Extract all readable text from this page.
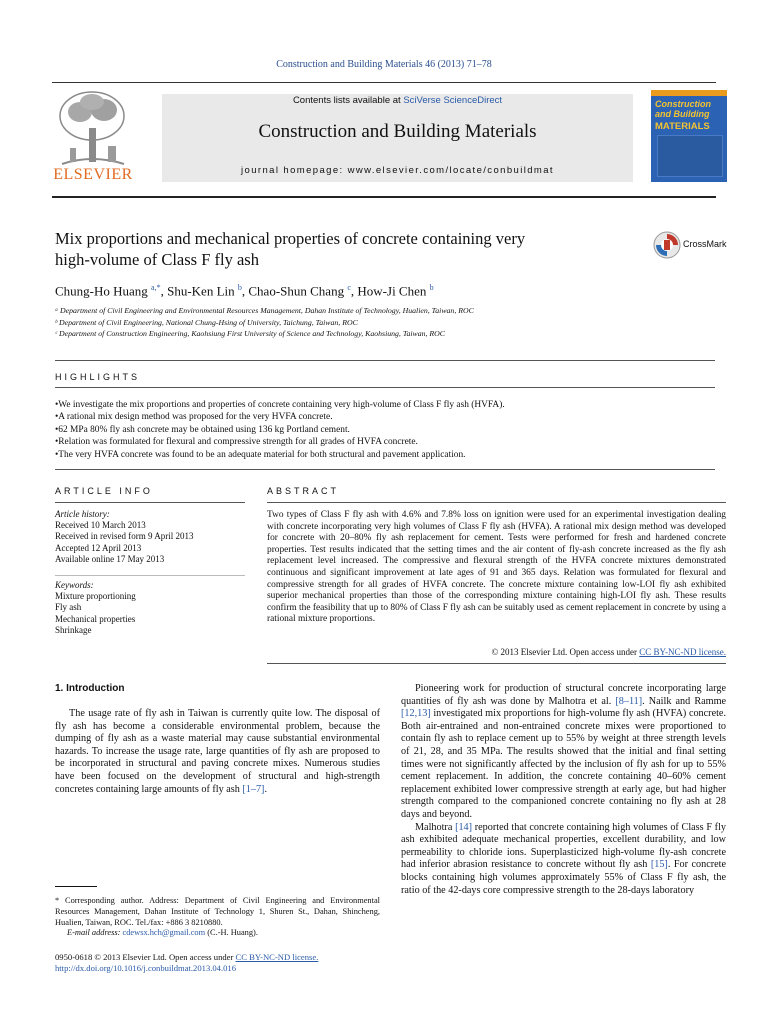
Construction and Building Materials 46 (2013) 71–78
ELSEVIER
Contents lists available at SciVerse ScienceDirect
Construction and Building Materials
journal homepage: www.elsevier.com/locate/conbuildmat
Construction and Building
MATERIALS
Mix proportions and mechanical properties of concrete containing very
high-volume of Class F fly ash
CrossMark
Chung-Ho Huang $^{a,*}$, Shu-Ken Lin $^b$, Chao-Shun Chang $^c$, How-Ji Chen $^b$
ᵃ Department of Civil Engineering and Environmental Resources Management, Dahan Institute of Technology, Hualien, Taiwan, ROC
ᵇ Department of Civil Engineering, National Chung-Hsing of University, Taichung, Taiwan, ROC
ᶜ Department of Construction Engineering, Kaohsiung First University of Science and Technology, Kaohsiung, Taiwan, ROC
HIGHLIGHTS
• We investigate the mix proportions and properties of concrete containing very high-volume of Class F fly ash (HVFA).
• A rational mix design method was proposed for the very HVFA concrete.
• 62 MPa 80% fly ash concrete may be obtained using 136 kg Portland cement.
• Relation was formulated for flexural and compressive strength for all grades of HVFA concrete.
• The very HVFA concrete was found to be an adequate material for both structural and pavement application.
ARTICLE INFO
Article history:
Received 10 March 2013
Received in revised form 9 April 2013
Accepted 12 April 2013
Available online 17 May 2013
Keywords:
Mixture proportioning
Fly ash
Mechanical properties
Shrinkage
ABSTRACT
Two types of Class F fly ash with 4.6% and 7.8% loss on ignition were used for an experimental investigation dealing with concrete incorporating very high volumes of Class F fly ash (HVFA). A rational mix design method was developed for concrete with 20–80% fly ash replacement for cement. Tests were performed for fresh and hardened concrete properties. Test results indicated that the setting times and the air content of fly-ash concrete increased as the fly ash replacement level increased. The compressive and flexural strength of the HVFA concrete mixtures demonstrated continuous and significant improvement at late ages of 91 and 365 days. Relation was formulated for flexural and compressive strength for all grades of HVFA concrete. The concrete mixture containing low-LOI fly ash exhibited superior mechanical properties than those of the corresponding mixture containing high-LOI fly ash. These results confirm the feasibility that up to 80% of Class F fly ash can be suitably used as cement replacement in concrete by using a rational mixture proportions.
© 2013 Elsevier Ltd. Open access under CC BY-NC-ND license.
1. Introduction

The usage rate of fly ash in Taiwan is currently quite low. The disposal of fly ash has become a considerable environmental problem, because the dumping of fly ash as a waste material may cause substantial environmental hazards. To increase the usage rate, large quantities of fly ash are proposed to be incorporated in structural and paving concrete mixes. Numerous studies have been focused on the development of structural and high-strength concretes containing large amounts of fly ash [1–7].

Pioneering work for production of structural concrete incorporating large quantities of fly ash was done by Malhotra et al. [8–11]. Nailk and Ramme [12,13] investigated mix proportions for high-volume fly ash (HVFA) concrete. Both air-entrained and non-entrained concrete mixes were proportioned to contain fly ash to replace cement up to 55% by weight at three strength levels of 21, 28, and 35 MPa. The results showed that the initial and final setting times were not significantly affected by the inclusion of fly ash for up to 55% cement replacement. In addition, the concrete containing 40–60% cement replacement exhibited lower compressive strength at early age, but had higher strength compared to the companioned concrete containing no fly ash at 28 days and beyond.

Malhotra [14] reported that concrete containing high volumes of Class F fly ash exhibited adequate mechanical properties, excellent durability, and low permeability to chloride ions. Superplasticized high-volume fly-ash concrete had inferior abrasion resistance to concrete without fly ash [15]. For concrete blocks containing high volumes approximately 55% of Class F fly ash, the ratio of the 42-days core compressive strength to the 28-days laboratory

* Corresponding author. Address: Department of Civil Engineering and Environmental Resources Management, Dahan Institute of Technology 1, Shuren St., Dahan, Shincheng, Hualien, Taiwan, ROC. Tel./fax: +886 3 8210880.
E-mail address: cdewsx.hch@gmail.com (C.-H. Huang).
0950-0618 © 2013 Elsevier Ltd. Open access under CC BY-NC-ND license.
http://dx.doi.org/10.1016/j.conbuildmat.2013.04.016
